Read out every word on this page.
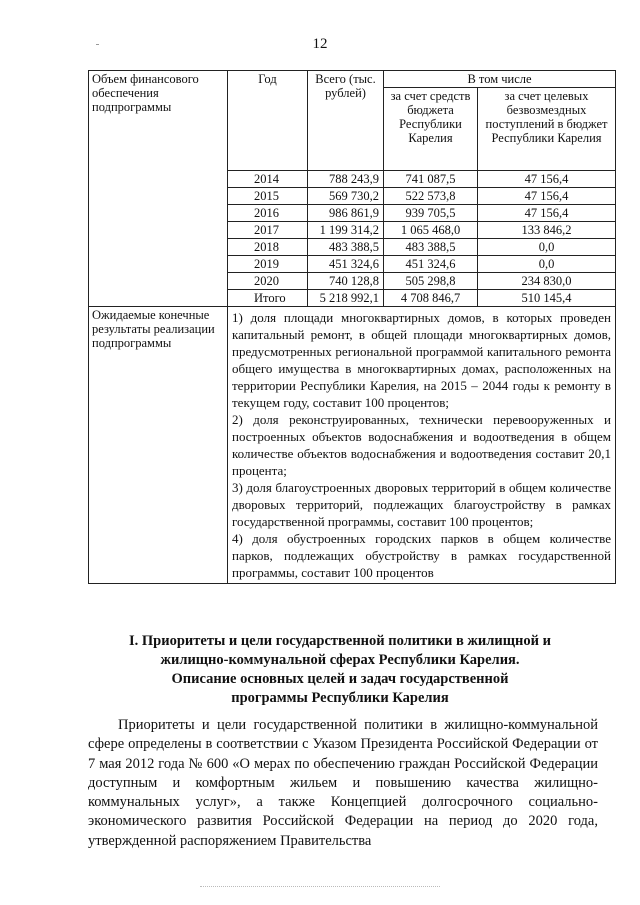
12
Объем финансового обеспечения подпрограммы	Год	Всего (тыс. рублей)	В том числе	
			за счет средств бюджета Республики Карелия	за счет целевых безвозмездных поступлений в бюджет Республики Карелия
	2014	788 243,9	741 087,5	47 156,4
	2015	569 730,2	522 573,8	47 156,4
	2016	986 861,9	939 705,5	47 156,4
	2017	1 199 314,2	1 065 468,0	133 846,2
	2018	483 388,5	483 388,5	0,0
	2019	451 324,6	451 324,6	0,0
	2020	740 128,8	505 298,8	234 830,0
	Итого	5 218 992,1	4 708 846,7	510 145,4
Ожидаемые конечные результаты реализации подпрограммы	1) доля площади многоквартирных домов, в которых проведен капитальный ремонт, в общей площади многоквартирных домов, предусмотренных региональной программой капитального ремонта общего имущества в многоквартирных домах, расположенных на территории Республики Карелия, на 2015 – 2044 годы к ремонту в текущем году, составит 100 процентов;

2) доля реконструированных, технически перевооруженных и построенных объектов водоснабжения и водоотведения в общем количестве объектов водоснабжения и водоотведения составит 20,1 процента;

3) доля благоустроенных дворовых территорий в общем количестве дворовых территорий, подлежащих благоустройству в рамках государственной программы, составит 100 процентов;

4) доля обустроенных городских парков в общем количестве парков, подлежащих обустройству в рамках государственной программы, составит 100 процентов			

I. Приоритеты и цели государственной политики в жилищной и
жилищно-коммунальной сферах Республики Карелия.
Описание основных целей и задач государственной
программы Республики Карелия

Приоритеты и цели государственной политики в жилищно-коммунальной сфере определены в соответствии с Указом Президента Российской Федерации от 7 мая 2012 года № 600 «О мерах по обеспечению граждан Российской Федерации доступным и комфортным жильем и повышению качества жилищно-коммунальных услуг», а также Концепцией долгосрочного социально-экономического развития Российской Федерации на период до 2020 года, утвержденной распоряжением Правительства
